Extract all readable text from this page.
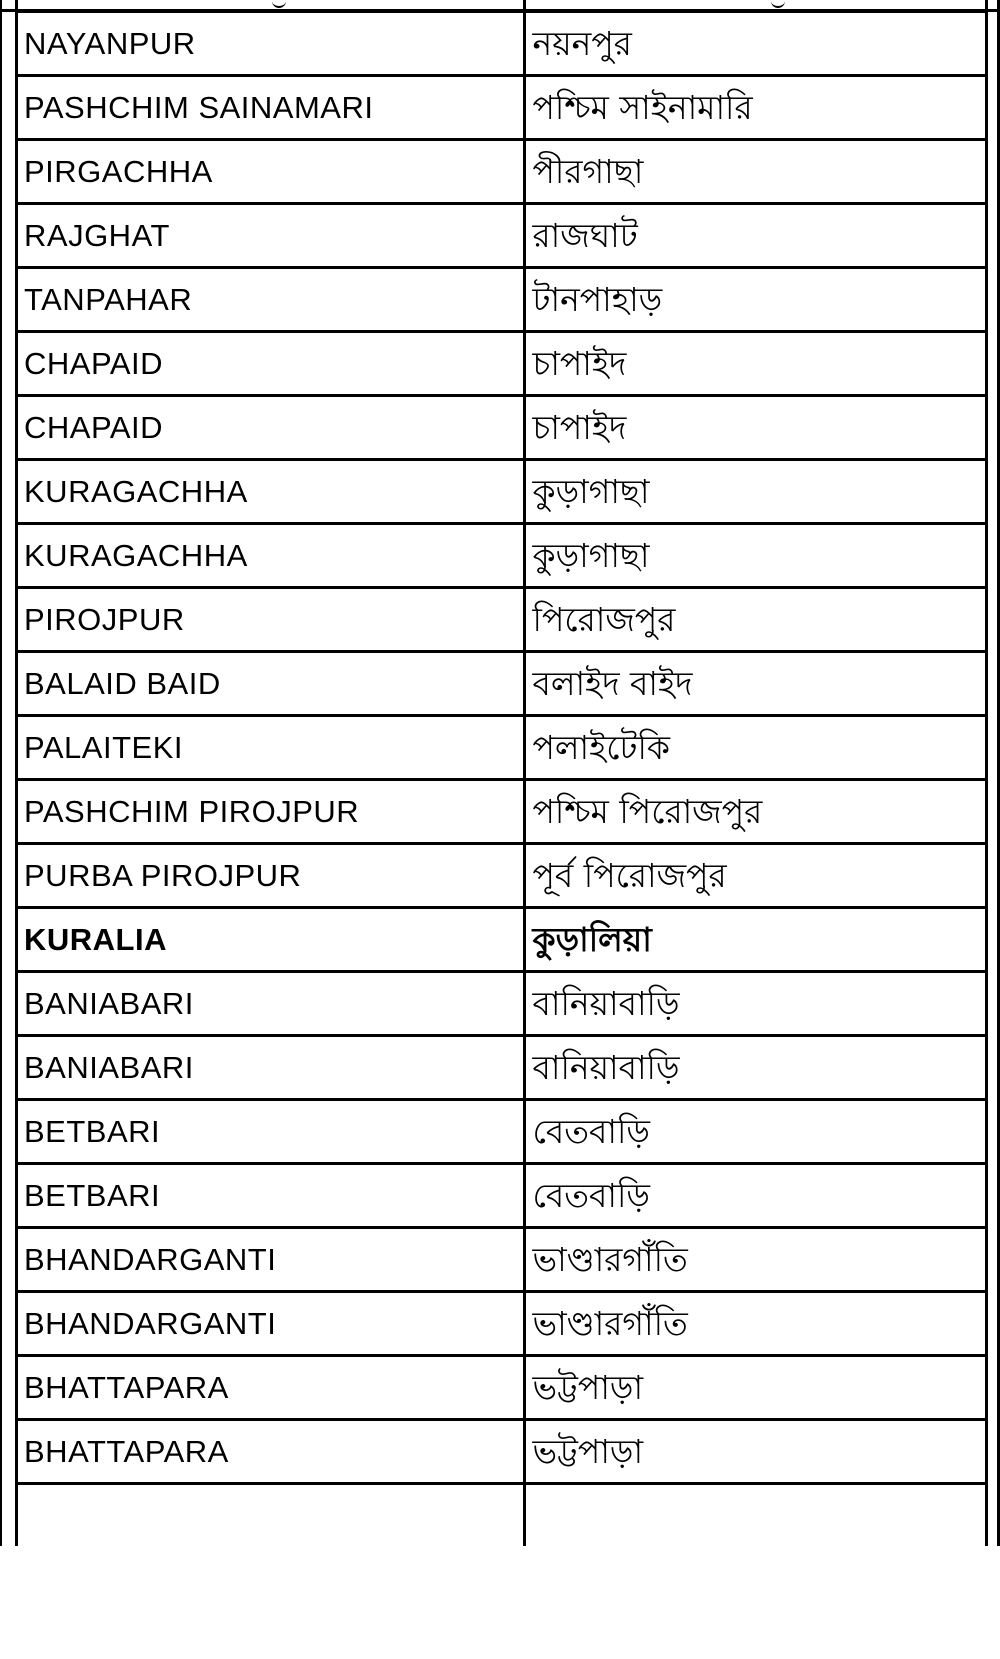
NAYANPUR	নয়নপুর
PASHCHIM SAINAMARI	পশ্চিম সাইনামারি
PIRGACHHA	পীরগাছা
RAJGHAT	রাজঘাট
TANPAHAR	টানপাহাড়
CHAPAID	চাপাইদ
CHAPAID	চাপাইদ
KURAGACHHA	কুড়াগাছা
KURAGACHHA	কুড়াগাছা
PIROJPUR	পিরোজপুর
BALAID BAID	বলাইদ বাইদ
PALAITEKI	পলাইটেকি
PASHCHIM PIROJPUR	পশ্চিম পিরোজপুর
PURBA PIROJPUR	পূর্ব পিরোজপুর
KURALIA	কুড়ালিয়া
BANIABARI	বানিয়াবাড়ি
BANIABARI	বানিয়াবাড়ি
BETBARI	বেতবাড়ি
BETBARI	বেতবাড়ি
BHANDARGANTI	ভাণ্ডারগাঁতি
BHANDARGANTI	ভাণ্ডারগাঁতি
BHATTAPARA	ভট্টপাড়া
BHATTAPARA	ভট্টপাড়া
